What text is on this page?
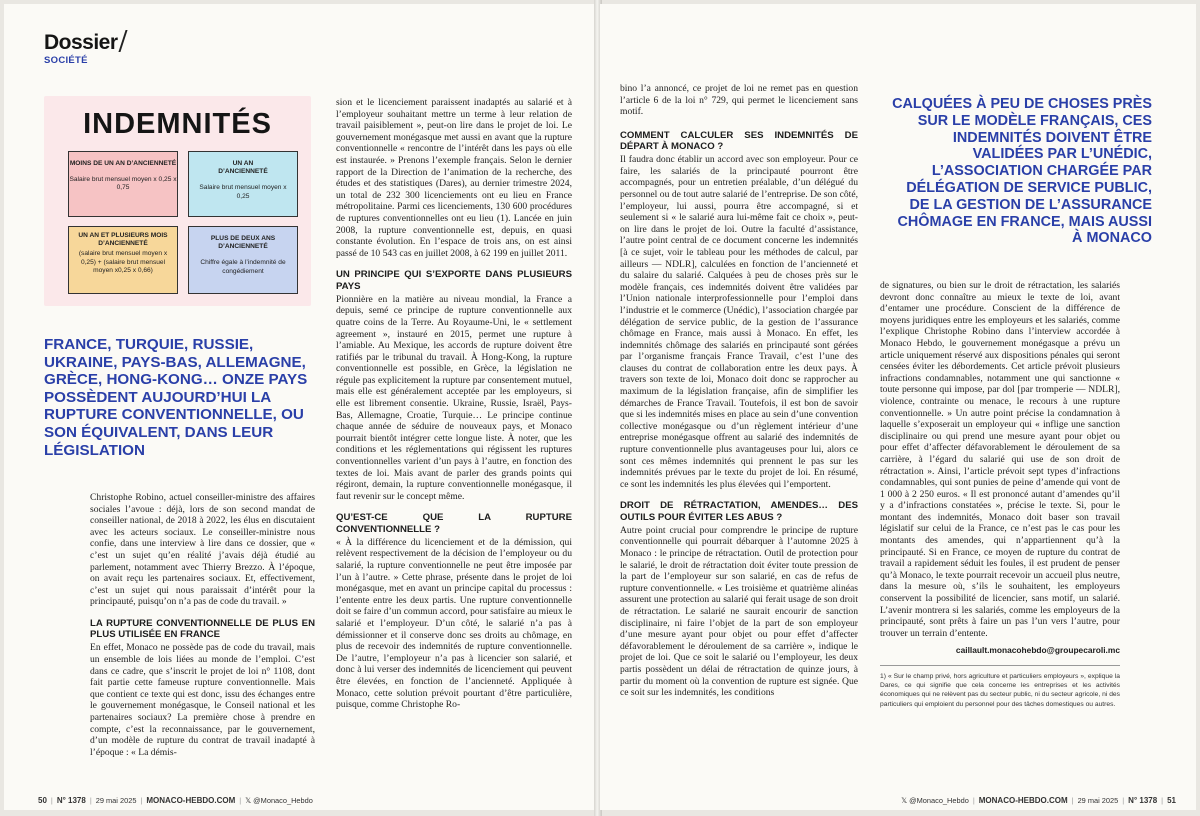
Dossier
SOCIÉTÉ
INDEMNITÉS
MOINS DE UN AN D’ANCIENNETÉ
Salaire brut mensuel moyen x 0,25 x 0,75
UN AN D’ANCIENNETÉ
Salaire brut mensuel moyen x 0,25
UN AN ET PLUSIEURS MOIS D’ANCIENNETÉ
(salaire brut mensuel moyen x 0,25) + (salaire brut mensuel moyen x0,25 x 0,66)
PLUS DE DEUX ANS D’ANCIENNETÉ
Chiffre égale à l’indemnité de congédiement
FRANCE, TURQUIE, RUSSIE, UKRAINE, PAYS-BAS, ALLEMAGNE, GRÈCE, HONG-KONG… ONZE PAYS POSSÈDENT AUJOURD’HUI LA RUPTURE CONVENTIONNELLE, OU SON ÉQUIVALENT, DANS LEUR LÉGISLATION

Christophe Robino, actuel conseiller-ministre des affaires sociales l’avoue : déjà, lors de son second mandat de conseiller national, de 2018 à 2022, les élus en discutaient avec les acteurs sociaux. Le conseiller-ministre nous confie, dans une interview à lire dans ce dossier, que « c’est un sujet qu’en réalité j’avais déjà étudié au parlement, notamment avec Thierry Brezzo. À l’époque, on avait reçu les partenaires sociaux. Et, effectivement, c’est un sujet qui nous paraissait d’intérêt pour la principauté, puisqu’on n’a pas de code du travail. »

LA RUPTURE CONVENTIONNELLE DE PLUS EN PLUS UTILISÉE EN FRANCE

En effet, Monaco ne possède pas de code du travail, mais un ensemble de lois liées au monde de l’emploi. C’est dans ce cadre, que s’inscrit le projet de loi n° 1108, dont fait partie cette fameuse rupture conventionnelle. Mais que contient ce texte qui est donc, issu des échanges entre le gouvernement monégasque, le Conseil national et les partenaires sociaux? La première chose à prendre en compte, c’est la reconnaissance, par le gouvernement, d’un modèle de rupture du contrat de travail inadapté à l’époque : « La démis-

sion et le licenciement paraissent inadaptés au salarié et à l’employeur souhaitant mettre un terme à leur relation de travail paisiblement », peut-on lire dans le projet de loi. Le gouvernement monégasque met aussi en avant que la rupture conventionnelle « rencontre de l’intérêt dans les pays où elle est instaurée. » Prenons l’exemple français. Selon le dernier rapport de la Direction de l’animation de la recherche, des études et des statistiques (Dares), au dernier trimestre 2024, un total de 232 300 licenciements ont eu lieu en France métropolitaine. Parmi ces licenciements, 130 600 procédures de ruptures conventionnelles ont eu lieu (1). Lancée en juin 2008, la rupture conventionnelle est, depuis, en quasi constante évolution. En l’espace de trois ans, on est ainsi passé de 10 543 cas en juillet 2008, à 62 199 en juillet 2011.

UN PRINCIPE QUI S’EXPORTE DANS PLUSIEURS PAYS

Pionnière en la matière au niveau mondial, la France a depuis, semé ce principe de rupture conventionnelle aux quatre coins de la Terre. Au Royaume-Uni, le « settlement agreement », instauré en 2015, permet une rupture à l’amiable. Au Mexique, les accords de rupture doivent être ratifiés par le tribunal du travail. À Hong-Kong, la rupture conventionnelle est possible, en Grèce, la législation ne régule pas explicitement la rupture par consentement mutuel, mais elle est généralement acceptée par les employeurs, si elle est librement consentie. Ukraine, Russie, Israël, Pays-Bas, Allemagne, Croatie, Turquie… Le principe continue chaque année de séduire de nouveaux pays, et Monaco pourrait bientôt intégrer cette longue liste. À noter, que les conditions et les réglementations qui régissent les ruptures conventionnelles varient d’un pays à l’autre, en fonction des textes de loi. Mais avant de parler des grands points qui régiront, demain, la rupture conventionnelle monégasque, il faut revenir sur le concept même.

QU’EST-CE QUE LA RUPTURE CONVENTIONNELLE ?

« À la différence du licenciement et de la démission, qui relèvent respectivement de la décision de l’employeur ou du salarié, la rupture conventionnelle ne peut être imposée par l’un à l’autre. » Cette phrase, présente dans le projet de loi monégasque, met en avant un principe capital du processus : l’entente entre les deux partis. Une rupture conventionnelle doit se faire d’un commun accord, pour satisfaire au mieux le salarié et l’employeur. D’un côté, le salarié n’a pas à démissionner et il conserve donc ses droits au chômage, en plus de recevoir des indemnités de rupture conventionnelle. De l’autre, l’employeur n’a pas à licencier son salarié, et donc à lui verser des indemnités de licenciement qui peuvent être élevées, en fonction de l’ancienneté. Appliquée à Monaco, cette solution prévoit pourtant d’être particulière, puisque, comme Christophe Ro-

50 | N° 1378 | 29 mai 2025 | MONACO-HEBDO.COM | 𝕏 @Monaco_Hebdo

bino l’a annoncé, ce projet de loi ne remet pas en question l’article 6 de la loi n° 729, qui permet le licenciement sans motif.

COMMENT CALCULER SES INDEMNITÉS DE DÉPART À MONACO ?

Il faudra donc établir un accord avec son employeur. Pour ce faire, les salariés de la principauté pourront être accompagnés, pour un entretien préalable, d’un délégué du personnel ou de tout autre salarié de l’entreprise. De son côté, l’employeur, lui aussi, pourra être accompagné, si et seulement si « le salarié aura lui-même fait ce choix », peut-on lire dans le projet de loi. Outre la faculté d’assistance, l’autre point central de ce document concerne les indemnités [à ce sujet, voir le tableau pour les méthodes de calcul, par ailleurs — NDLR], calculées en fonction de l’ancienneté et du salaire du salarié. Calquées à peu de choses près sur le modèle français, ces indemnités doivent être validées par l’Union nationale interprofessionnelle pour l’emploi dans l’industrie et le commerce (Unédic), l’association chargée par délégation de service public, de la gestion de l’assurance chômage en France, mais aussi à Monaco. En effet, les indemnités chômage des salariés en principauté sont gérées par l’organisme français France Travail, c’est l’une des clauses du contrat de collaboration entre les deux pays. À travers son texte de loi, Monaco doit donc se rapprocher au maximum de la législation française, afin de simplifier les démarches de France Travail. Toutefois, il est bon de savoir que si les indemnités mises en place au sein d’une convention collective monégasque ou d’un règlement intérieur d’une entreprise monégasque offrent au salarié des indemnités de rupture conventionnelle plus avantageuses pour lui, alors ce sont ces mêmes indemnités qui prennent le pas sur les indemnités prévues par le texte du projet de loi. En résumé, ce sont les indemnités les plus élevées qui l’emportent.

DROIT DE RÉTRACTATION, AMENDES… DES OUTILS POUR ÉVITER LES ABUS ?

Autre point crucial pour comprendre le principe de rupture conventionnelle qui pourrait débarquer à l’automne 2025 à Monaco : le principe de rétractation. Outil de protection pour le salarié, le droit de rétractation doit éviter toute pression de la part de l’employeur sur son salarié, en cas de refus de rupture conventionnelle. « Les troisième et quatrième alinéas assurent une protection au salarié qui ferait usage de son droit de rétractation. Le salarié ne saurait encourir de sanction disciplinaire, ni faire l’objet de la part de son employeur d’une mesure ayant pour objet ou pour effet d’affecter défavorablement le déroulement de sa carrière », indique le projet de loi. Que ce soit le salarié ou l’employeur, les deux partis possèdent un délai de rétractation de quinze jours, à partir du moment où la convention de rupture est signée. Que ce soit sur les indemnités, les conditions

CALQUÉES À PEU DE CHOSES PRÈS SUR LE MODÈLE FRANÇAIS, CES INDEMNITÉS DOIVENT ÊTRE VALIDÉES PAR L’UNÉDIC, L’ASSOCIATION CHARGÉE PAR DÉLÉGATION DE SERVICE PUBLIC, DE LA GESTION DE L’ASSURANCE CHÔMAGE EN FRANCE, MAIS AUSSI À MONACO

de signatures, ou bien sur le droit de rétractation, les salariés devront donc connaître au mieux le texte de loi, avant d’entamer une procédure. Conscient de la différence de moyens juridiques entre les employeurs et les salariés, comme l’explique Christophe Robino dans l’interview accordée à Monaco Hebdo, le gouvernement monégasque a prévu un article uniquement réservé aux dispositions pénales qui seront censées éviter les débordements. Cet article prévoit plusieurs infractions condamnables, notamment une qui sanctionne « toute personne qui impose, par dol [par tromperie — NDLR], violence, contrainte ou menace, le recours à une rupture conventionnelle. » Un autre point précise la condamnation à laquelle s’exposerait un employeur qui « inflige une sanction disciplinaire ou qui prend une mesure ayant pour objet ou pour effet d’affecter défavorablement le déroulement de sa carrière, à l’égard du salarié qui use de son droit de rétractation ». Ainsi, l’article prévoit sept types d’infractions condamnables, qui sont punies de peine d’amende qui vont de 1 000 à 2 250 euros. « Il est prononcé autant d’amendes qu’il y a d’infractions constatées », précise le texte. Si, pour le montant des indemnités, Monaco doit baser son travail législatif sur celui de la France, ce n’est pas le cas pour les montants des amendes, qui n’appartiennent qu’à la principauté. Si en France, ce moyen de rupture du contrat de travail a rapidement séduit les foules, il est prudent de penser qu’à Monaco, le texte pourrait recevoir un accueil plus neutre, dans la mesure où, s’ils le souhaitent, les employeurs conservent la possibilité de licencier, sans motif, un salarié. L’avenir montrera si les salariés, comme les employeurs de la principauté, sont prêts à faire un pas l’un vers l’autre, pour trouver un terrain d’entente.

caillault.monacohebdo@groupecaroli.mc

1) « Sur le champ privé, hors agriculture et particuliers employeurs », explique la Dares, ce qui signifie que cela concerne les entreprises et les activités économiques qui ne relèvent pas du secteur public, ni du secteur agricole, ni des particuliers qui emploient du personnel pour des tâches domestiques ou autres.

𝕏 @Monaco_Hebdo | MONACO-HEBDO.COM | 29 mai 2025 | N° 1378 | 51
